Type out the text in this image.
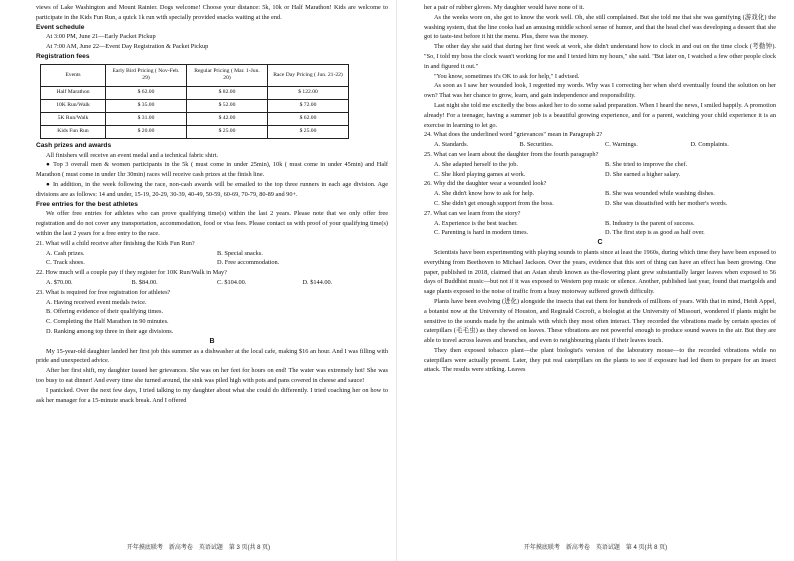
views of Lake Washington and Mount Rainier. Dogs welcome! Choose your distance: 5k, 10k or Half Marathon! Kids are welcome to participate in the Kids Fun Run, a quick 1k run with specially provided snacks waiting at the end.

Event schedule

At 3:00 PM, June 21—Early Packet Pickup

At 7:00 AM, June 22—Event Day Registration & Packet Pickup

Registration fees

Events	Early Bird Pricing ( Nov-Feb. 29)	Regular Pricing ( Mar. 1-Jun. 20)	Race Day Pricing ( Jun. 21-22)
Half Marathon	$ 62.00	$ 82.00	$ 122.00
10K Run/Walk	$ 35.00	$ 52.00	$ 72.00
5K Run/Walk	$ 31.00	$ 42.00	$ 62.00
Kids Fun Run	$ 20.00	$ 25.00	$ 25.00

Cash prizes and awards

All finishers will receive an event medal and a technical fabric shirt.

● Top 3 overall men & women participants in the 5k ( must come in under 25min), 10k ( must come in under 45min) and Half Marathon ( must come in under 1hr 30min) races will receive cash prizes at the finish line.

● In addition, in the week following the race, non-cash awards will be emailed to the top three runners in each age division. Age divisions are as follows: 14 and under, 15-19, 20-29, 30-39, 40-49, 50-59, 60-69, 70-79, 80-89 and 90+.

Free entries for the best athletes

We offer free entries for athletes who can prove qualifying time(s) within the last 2 years. Please note that we only offer free registration and do not cover any transportation, accommodation, food or visa fees. Please contact us with proof of your qualifying time(s) within the last 2 years for a free entry to the race.

21. What will a child receive after finishing the Kids Fun Run?

A. Cash prizes.	B. Special snacks.
C. Track shoes.	D. Free accommodation.

22. How much will a couple pay if they register for 10K Run/Walk in May?

A. $70.00.	B. $84.00.	C. $104.00.	D. $144.00.

23. What is required for free registration for athletes?

A. Having received event medals twice.

B. Offering evidence of their qualifying times.

C. Completing the Half Marathon in 90 minutes.

D. Ranking among top three in their age divisions.

B

My 15-year-old daughter landed her first job this summer as a dishwasher at the local cafe, making $16 an hour. And I was filling with pride and unexpected advice.

After her first shift, my daughter issued her grievances. She was on her feet for hours on end! The water was extremely hot! She was too busy to eat dinner! And every time she turned around, the sink was piled high with pots and pans covered in cheese and sauce!

I panicked. Over the next few days, I tried talking to my daughter about what she could do differently. I tried coaching her on how to ask her manager for a 15-minute snack break. And I offered

开年摸底联考　新高考卷　英语试题　第 3 页(共 8 页)

her a pair of rubber gloves. My daughter would have none of it.

As the weeks wore on, she got to know the work well. Oh, she still complained. But she told me that she was gamifying (游戏化) the washing system, that the line cooks had an amusing middle school sense of humor, and that the head chef was developing a dessert that she got to taste-test before it hit the menu. Plus, there was the money.

The other day she said that during her first week at work, she didn't understand how to clock in and out on the time clock (考勤钟). "So, I told my boss the clock wasn't working for me and I texted him my hours," she said. "But later on, I watched a few other people clock in and figured it out."

"You know, sometimes it's OK to ask for help," I advised.

As soon as I saw her wounded look, I regretted my words. Why was I correcting her when she'd eventually found the solution on her own? That was her chance to grow, learn, and gain independence and responsibility.

Last night she told me excitedly the boss asked her to do some salad preparation. When I heard the news, I smiled happily. A promotion already! For a teenager, having a summer job is a beautiful growing experience, and for a parent, watching your child experience it is an exercise in learning to let go.

24. What does the underlined word "grievances" mean in Paragraph 2?

A. Standards.	B. Securities.	C. Warnings.	D. Complaints.

25. What can we learn about the daughter from the fourth paragraph?

A. She adapted herself to the job.	B. She tried to improve the chef.
C. She liked playing games at work.	D. She earned a higher salary.

26. Why did the daughter wear a wounded look?

A. She didn't know how to ask for help.	B. She was wounded while washing dishes.
C. She didn't get enough support from the boss.	D. She was dissatisfied with her mother's words.

27. What can we learn from the story?

A. Experience is the best teacher.	B. Industry is the parent of success.
C. Parenting is hard in modern times.	D. The first step is as good as half over.

C

Scientists have been experimenting with playing sounds to plants since at least the 1960s, during which time they have been exposed to everything from Beethoven to Michael Jackson. Over the years, evidence that this sort of thing can have an effect has been growing. One paper, published in 2018, claimed that an Asian shrub known as the-flowering plant grew substantially larger leaves when exposed to 56 days of Buddhist music—but not if it was exposed to Western pop music or silence. Another, published last year, found that marigolds and sage plants exposed to the noise of traffic from a busy motorway suffered growth difficulty.

Plants have been evolving (进化) alongside the insects that eat them for hundreds of millions of years. With that in mind, Heidi Appel, a botanist now at the University of Houston, and Reginald Cocroft, a biologist at the University of Missouri, wondered if plants might be sensitive to the sounds made by the animals with which they most often interact. They recorded the vibrations made by certain species of caterpillars (毛毛虫) as they chewed on leaves. These vibrations are not powerful enough to produce sound waves in the air. But they are able to travel across leaves and branches, and even to neighbouring plants if their leaves touch.

They then exposed tobacco plant—the plant biologist's version of the laboratory mouse—to the recorded vibrations while no caterpillars were actually present. Later, they put real caterpillars on the plants to see if exposure had led them to prepare for an insect attack. The results were striking. Leaves

开年摸底联考　新高考卷　英语试题　第 4 页(共 8 页)
